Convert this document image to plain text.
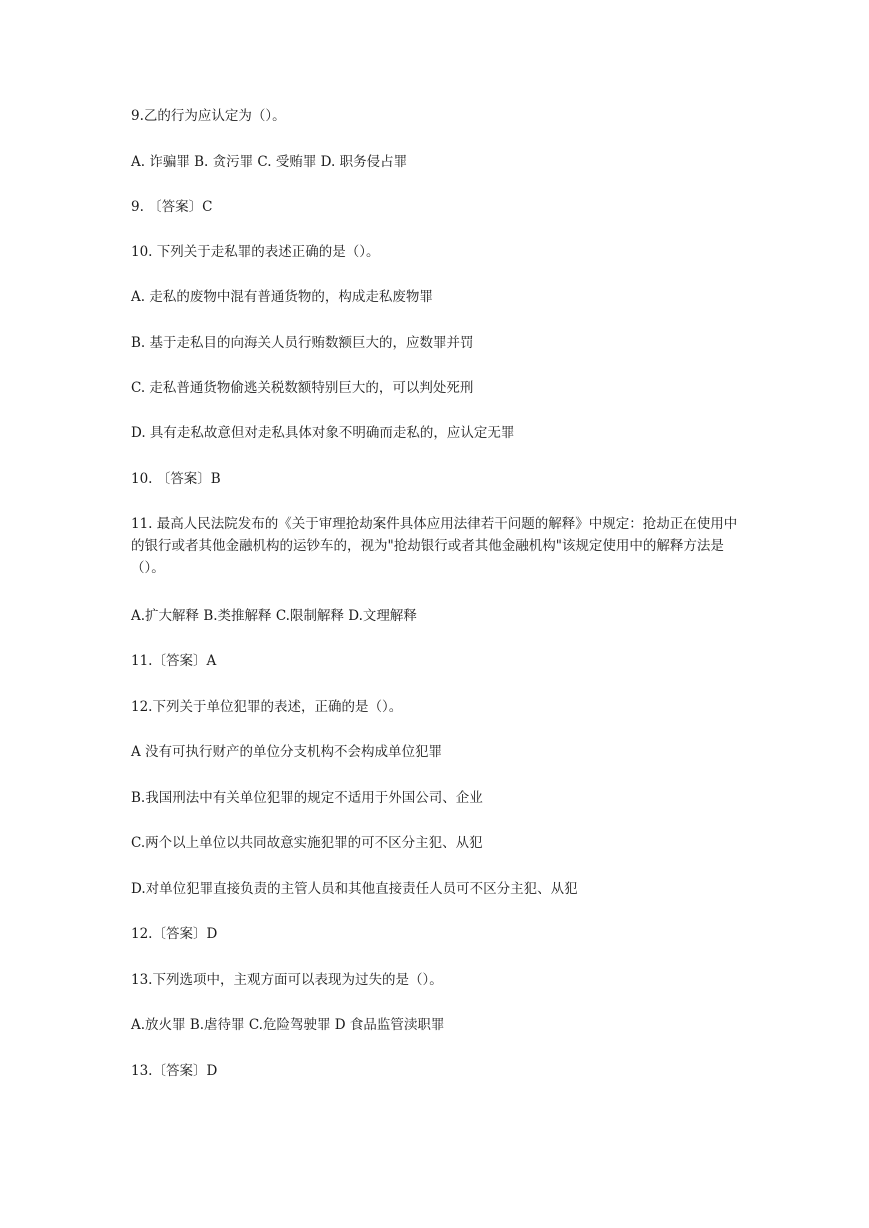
9.乙的行为应认定为（）。
A. 诈骗罪 B. 贪污罪 C. 受贿罪 D. 职务侵占罪
9. 〔答案〕C
10. 下列关于走私罪的表述正确的是（）。
A. 走私的废物中混有普通货物的，构成走私废物罪
B. 基于走私目的向海关人员行贿数额巨大的，应数罪并罚
C. 走私普通货物偷逃关税数额特别巨大的，可以判处死刑
D. 具有走私故意但对走私具体对象不明确而走私的，应认定无罪
10. 〔答案〕B
11. 最高人民法院发布的《关于审理抢劫案件具体应用法律若干问题的解释》中规定：抢劫正在使用中的银行或者其他金融机构的运钞车的，视为"抢劫银行或者其他金融机构"该规定使用中的解释方法是（）。
A.扩大解释 B.类推解释 C.限制解释 D.文理解释
11.〔答案〕A
12.下列关于单位犯罪的表述，正确的是（）。
A 没有可执行财产的单位分支机构不会构成单位犯罪
B.我国刑法中有关单位犯罪的规定不适用于外国公司、企业
C.两个以上单位以共同故意实施犯罪的可不区分主犯、从犯
D.对单位犯罪直接负责的主管人员和其他直接责任人员可不区分主犯、从犯
12.〔答案〕D
13.下列选项中，主观方面可以表现为过失的是（）。
A.放火罪 B.虐待罪 C.危险驾驶罪 D 食品监管渎职罪
13.〔答案〕D
